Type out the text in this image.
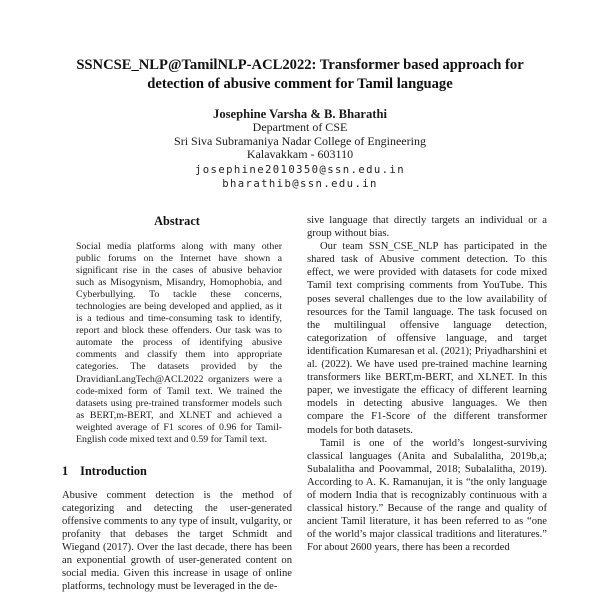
SSNCSE_NLP@TamilNLP-ACL2022: Transformer based approach for
detection of abusive comment for Tamil language
Josephine Varsha & B. Bharathi
Department of CSE
Sri Siva Subramaniya Nadar College of Engineering
Kalavakkam - 603110
josephine2010350@ssn.edu.in
bharathib@ssn.edu.in
Abstract

Social media platforms along with many other public forums on the Internet have shown a significant rise in the cases of abusive behavior such as Misogynism, Misandry, Homophobia, and Cyberbullying. To tackle these concerns, technologies are being developed and applied, as it is a tedious and time-consuming task to identify, report and block these offenders. Our task was to automate the process of identifying abusive comments and classify them into appropriate categories. The datasets provided by the DravidianLangTech@ACL2022 organizers were a code-mixed form of Tamil text. We trained the datasets using pre-trained transformer models such as BERT,m-BERT, and XLNET and achieved a weighted average of F1 scores of 0.96 for Tamil-English code mixed text and 0.59 for Tamil text.

1 Introduction

Abusive comment detection is the method of categorizing and detecting the user-generated offensive comments to any type of insult, vulgarity, or profanity that debases the target Schmidt and Wiegand (2017). Over the last decade, there has been an exponential growth of user-generated content on social media. Given this increase in usage of online platforms, technology must be leveraged in the de-

sive language that directly targets an individual or a group without bias.

Our team SSN_CSE_NLP has participated in the shared task of Abusive comment detection. To this effect, we were provided with datasets for code mixed Tamil text comprising comments from YouTube. This poses several challenges due to the low availability of resources for the Tamil language. The task focused on the multilingual offensive language detection, categorization of offensive language, and target identification Kumaresan et al. (2021); Priyadharshini et al. (2022). We have used pre-trained machine learning transformers like BERT,m-BERT, and XLNET. In this paper, we investigate the efficacy of different learning models in detecting abusive languages. We then compare the F1-Score of the different transformer models for both datasets.

Tamil is one of the world’s longest-surviving classical languages (Anita and Subalalitha, 2019b,a; Subalalitha and Poovammal, 2018; Subalalitha, 2019). According to A. K. Ramanujan, it is “the only language of modern India that is recognizably continuous with a classical history.” Because of the range and quality of ancient Tamil literature, it has been referred to as “one of the world’s major classical traditions and literatures.” For about 2600 years, there has been a recorded
